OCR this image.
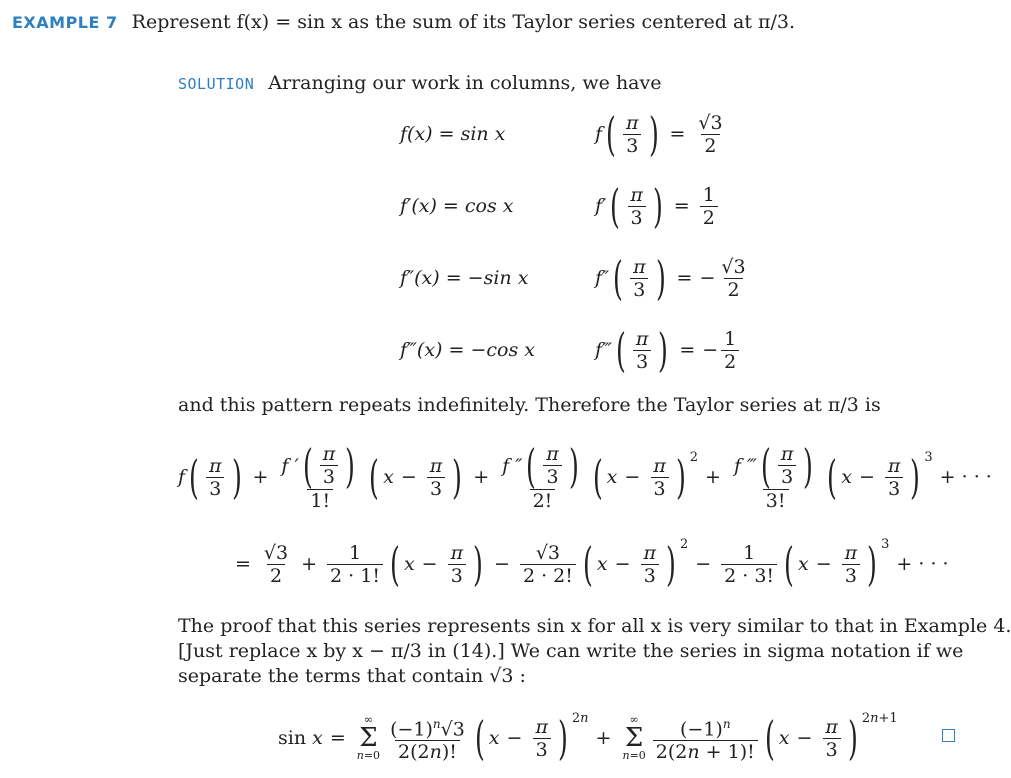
EXAMPLE 7 Represent f(x) = sin x as the sum of its Taylor series centered at π/3.
SOLUTION Arranging our work in columns, we have
f(x) = sin x	f ( $\frac{\pi}{3}$ ) = $\frac{√3}{2}$
f′(x) = cos x	f′ ( $\frac{\pi}{3}$ ) = $\frac{1}{2}$
f″(x) = −sin x	f″ ( $\frac{\pi}{3}$ ) = − $\frac{√3}{2}$
f‴(x) = −cos x	f‴ ( $\frac{\pi}{3}$ ) = − $\frac{1}{2}$
and this pattern repeats indefinitely. Therefore the Taylor series at π/3 is
f ( $\frac{\pi}{3}$ ) + $\frac{f ' ( \frac{\pi}{3} )}{1!}$ ( $x - \frac{\pi}{3}$ ) + $\frac{f '' ( \frac{\pi}{3} )}{2!}$ ( $x - \frac{\pi}{3}$ ) 2
+ $\frac{f ‴ ( \frac{\pi}{3} )}{3!}$ ( $x - \frac{\pi}{3}$ ) 3
+ · · ·
= $\frac{√3}{2} + \frac{1}{2 \cdot 1!}$ ( $x - \frac{\pi}{3}$ ) − $\frac{√3}{2 \cdot 2!}$ ( $x - \frac{\pi}{3}$ ) 2
− $\frac{1}{2 \cdot 3!}$ ( $x - \frac{\pi}{3}$ ) 3
+ · · ·
The proof that this series represents sin x for all x is very similar to that in Example 4.
[Just replace x by x − π/3 in (14).] We can write the series in sigma notation if we
separate the terms that contain √3 :
sin x =
∞
Σ
$n=0 \frac{(-1)^n√3}{2(2n)!}$ ( $x - \frac{\pi}{3}$ ) 2n
+
∞
Σ
$n=0 \frac{(-1)^n}{2(2n + 1)!}$ ( $x - \frac{\pi}{3}$ ) 2n+1
